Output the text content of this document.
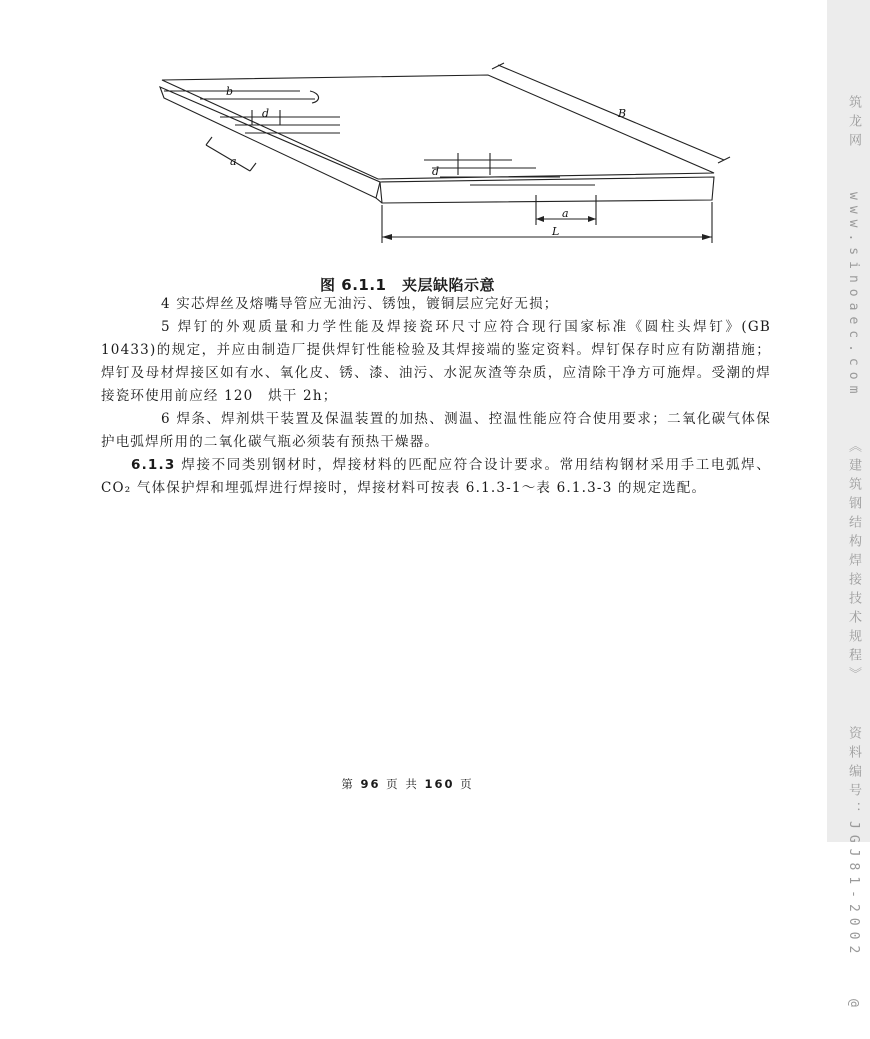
b
d
a
B
d
a
L
图 6.1.1　夹层缺陷示意

4 实芯焊丝及熔嘴导管应无油污、锈蚀，镀铜层应完好无损；

5 焊钉的外观质量和力学性能及焊接瓷环尺寸应符合现行国家标准《圆柱头焊钉》(GB 10433)的规定，并应由制造厂提供焊钉性能检验及其焊接端的鉴定资料。焊钉保存时应有防潮措施；焊钉及母材焊接区如有水、氧化皮、锈、漆、油污、水泥灰渣等杂质，应清除干净方可施焊。受潮的焊接瓷环使用前应经 120　烘干 2h；

6 焊条、焊剂烘干装置及保温装置的加热、测温、控温性能应符合使用要求；二氧化碳气体保护电弧焊所用的二氧化碳气瓶必须装有预热干燥器。

6.1.3 焊接不同类别钢材时，焊接材料的匹配应符合设计要求。常用结构钢材采用手工电弧焊、CO₂ 气体保护焊和埋弧焊进行焊接时，焊接材料可按表 6.1.3-1～表 6.1.3-3 的规定选配。

第 96 页 共 160 页
筑龙网 www.sinoaec.com 《建筑钢结构焊接技术规程》 资料编号：JGJ81-2002 @
